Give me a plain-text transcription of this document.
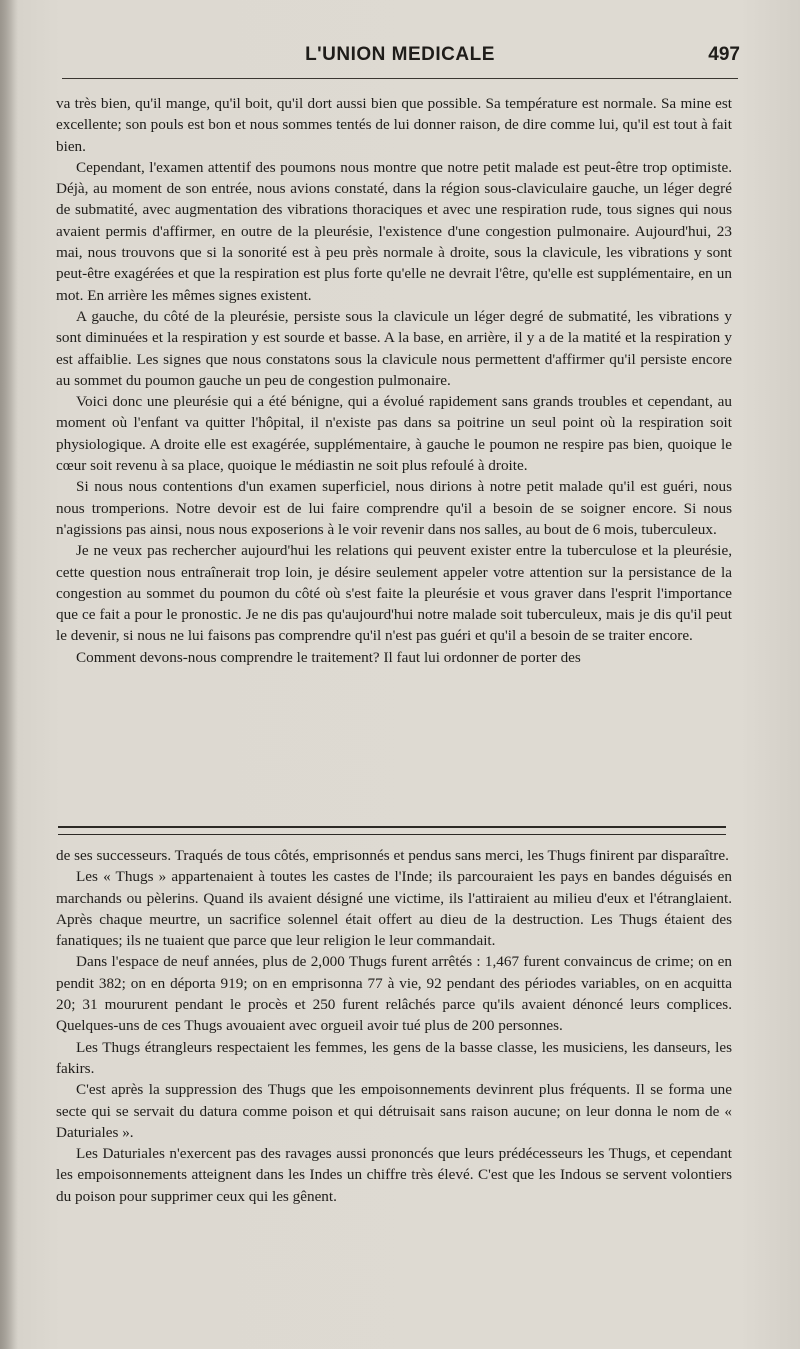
L'UNION MEDICALE	497

va très bien, qu'il mange, qu'il boit, qu'il dort aussi bien que possible. Sa température est normale. Sa mine est excellente; son pouls est bon et nous sommes tentés de lui donner raison, de dire comme lui, qu'il est tout à fait bien.

Cependant, l'examen attentif des poumons nous montre que notre petit malade est peut-être trop optimiste. Déjà, au moment de son entrée, nous avions constaté, dans la région sous-claviculaire gauche, un léger degré de submatité, avec augmentation des vibrations thoraciques et avec une respiration rude, tous signes qui nous avaient permis d'affirmer, en outre de la pleurésie, l'existence d'une congestion pulmonaire. Aujourd'hui, 23 mai, nous trouvons que si la sonorité est à peu près normale à droite, sous la clavicule, les vibrations y sont peut-être exagérées et que la respiration est plus forte qu'elle ne devrait l'être, qu'elle est supplémentaire, en un mot. En arrière les mêmes signes existent.

A gauche, du côté de la pleurésie, persiste sous la clavicule un léger degré de submatité, les vibrations y sont diminuées et la respiration y est sourde et basse. A la base, en arrière, il y a de la matité et la respiration y est affaiblie. Les signes que nous constatons sous la clavicule nous permettent d'affirmer qu'il persiste encore au sommet du poumon gauche un peu de congestion pulmonaire.

Voici donc une pleurésie qui a été bénigne, qui a évolué rapidement sans grands troubles et cependant, au moment où l'enfant va quitter l'hôpital, il n'existe pas dans sa poitrine un seul point où la respiration soit physiologique. A droite elle est exagérée, supplémentaire, à gauche le poumon ne respire pas bien, quoique le cœur soit revenu à sa place, quoique le médiastin ne soit plus refoulé à droite.

Si nous nous contentions d'un examen superficiel, nous dirions à notre petit malade qu'il est guéri, nous nous tromperions. Notre devoir est de lui faire comprendre qu'il a besoin de se soigner encore. Si nous n'agissions pas ainsi, nous nous exposerions à le voir revenir dans nos salles, au bout de 6 mois, tuberculeux.

Je ne veux pas rechercher aujourd'hui les relations qui peuvent exister entre la tuberculose et la pleurésie, cette question nous entraînerait trop loin, je désire seulement appeler votre attention sur la persistance de la congestion au sommet du poumon du côté où s'est faite la pleurésie et vous graver dans l'esprit l'importance que ce fait a pour le pronostic. Je ne dis pas qu'aujourd'hui notre malade soit tuberculeux, mais je dis qu'il peut le devenir, si nous ne lui faisons pas comprendre qu'il n'est pas guéri et qu'il a besoin de se traiter encore.

Comment devons-nous comprendre le traitement? Il faut lui ordonner de porter des

de ses successeurs. Traqués de tous côtés, emprisonnés et pendus sans merci, les Thugs finirent par disparaître.

Les « Thugs » appartenaient à toutes les castes de l'Inde; ils parcouraient les pays en bandes déguisés en marchands ou pèlerins. Quand ils avaient désigné une victime, ils l'attiraient au milieu d'eux et l'étranglaient. Après chaque meurtre, un sacrifice solennel était offert au dieu de la destruction. Les Thugs étaient des fanatiques; ils ne tuaient que parce que leur religion le leur commandait.

Dans l'espace de neuf années, plus de 2,000 Thugs furent arrêtés : 1,467 furent convaincus de crime; on en pendit 382; on en déporta 919; on en emprisonna 77 à vie, 92 pendant des périodes variables, on en acquitta 20; 31 moururent pendant le procès et 250 furent relâchés parce qu'ils avaient dénoncé leurs complices. Quelques-uns de ces Thugs avouaient avec orgueil avoir tué plus de 200 personnes.

Les Thugs étrangleurs respectaient les femmes, les gens de la basse classe, les musiciens, les danseurs, les fakirs.

C'est après la suppression des Thugs que les empoisonnements devinrent plus fréquents. Il se forma une secte qui se servait du datura comme poison et qui détruisait sans raison aucune; on leur donna le nom de « Daturiales ».

Les Daturiales n'exercent pas des ravages aussi prononcés que leurs prédécesseurs les Thugs, et cependant les empoisonnements atteignent dans les Indes un chiffre très élevé. C'est que les Indous se servent volontiers du poison pour supprimer ceux qui les gênent.
